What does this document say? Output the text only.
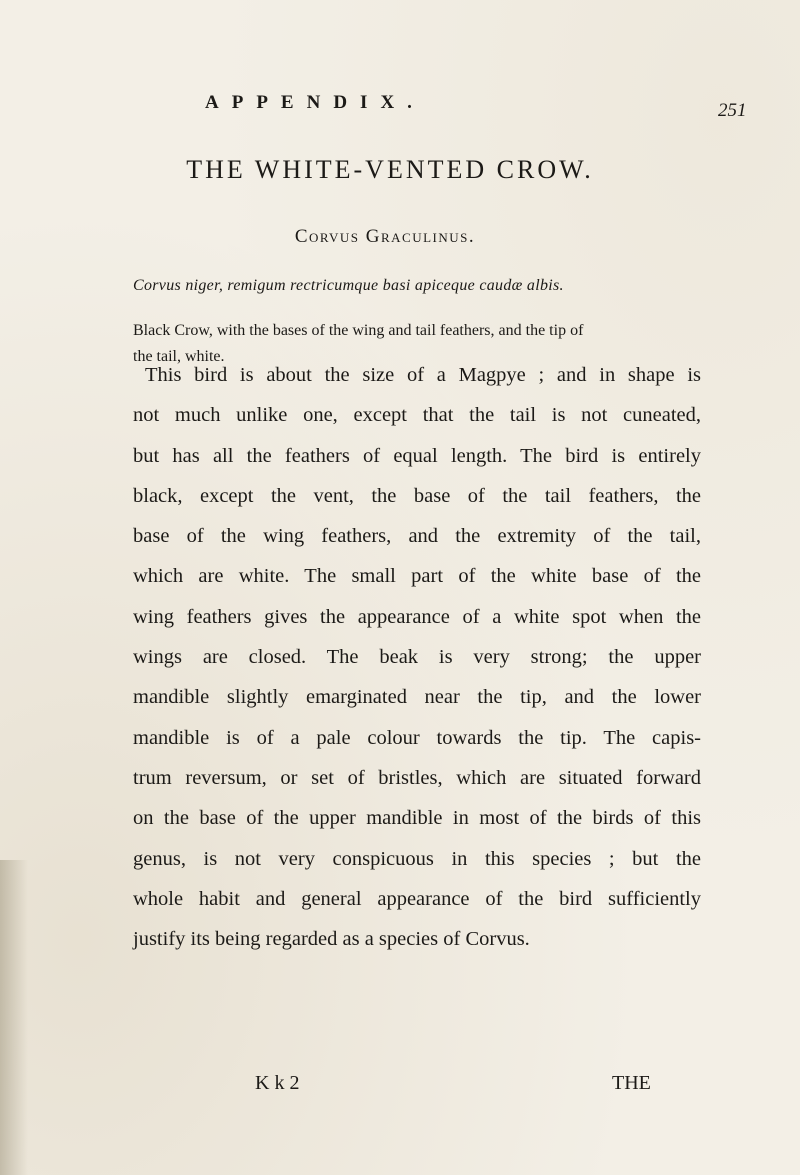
APPENDIX.	251
THE WHITE-VENTED CROW.
Corvus Graculinus.
Corvus niger, remigum rectricumque basi apiceque caudæ albis.
Black Crow, with the bases of the wing and tail feathers, and the tip of
the tail, white.
This bird is about the size of a Magpye ; and in shape is
not much unlike one, except that the tail is not cuneated,
but has all the feathers of equal length. The bird is entirely
black, except the vent, the base of the tail feathers, the
base of the wing feathers, and the extremity of the tail,
which are white. The small part of the white base of the
wing feathers gives the appearance of a white spot when the
wings are closed. The beak is very strong; the upper
mandible slightly emarginated near the tip, and the lower
mandible is of a pale colour towards the tip. The capis-
trum reversum, or set of bristles, which are situated forward
on the base of the upper mandible in most of the birds of this
genus, is not very conspicuous in this species ; but the
whole habit and general appearance of the bird sufficiently
justify its being regarded as a species of Corvus.
K k 2	THE
